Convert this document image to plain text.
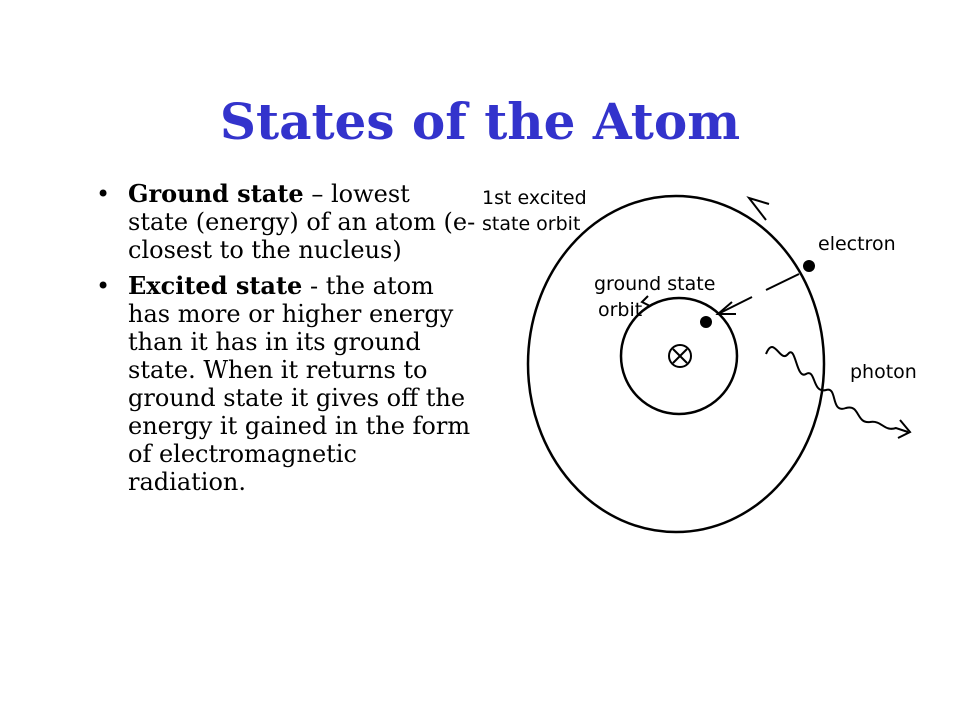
States of the Atom
• Ground state – lowest state (energy) of an atom (e- closest to the nucleus)
• Excited state - the atom has more or higher energy than it has in its ground state. When it returns to ground state it gives off the energy it gained in the form of electromagnetic radiation.
1st excited
state orbit
electron
ground state
orbit
photon
